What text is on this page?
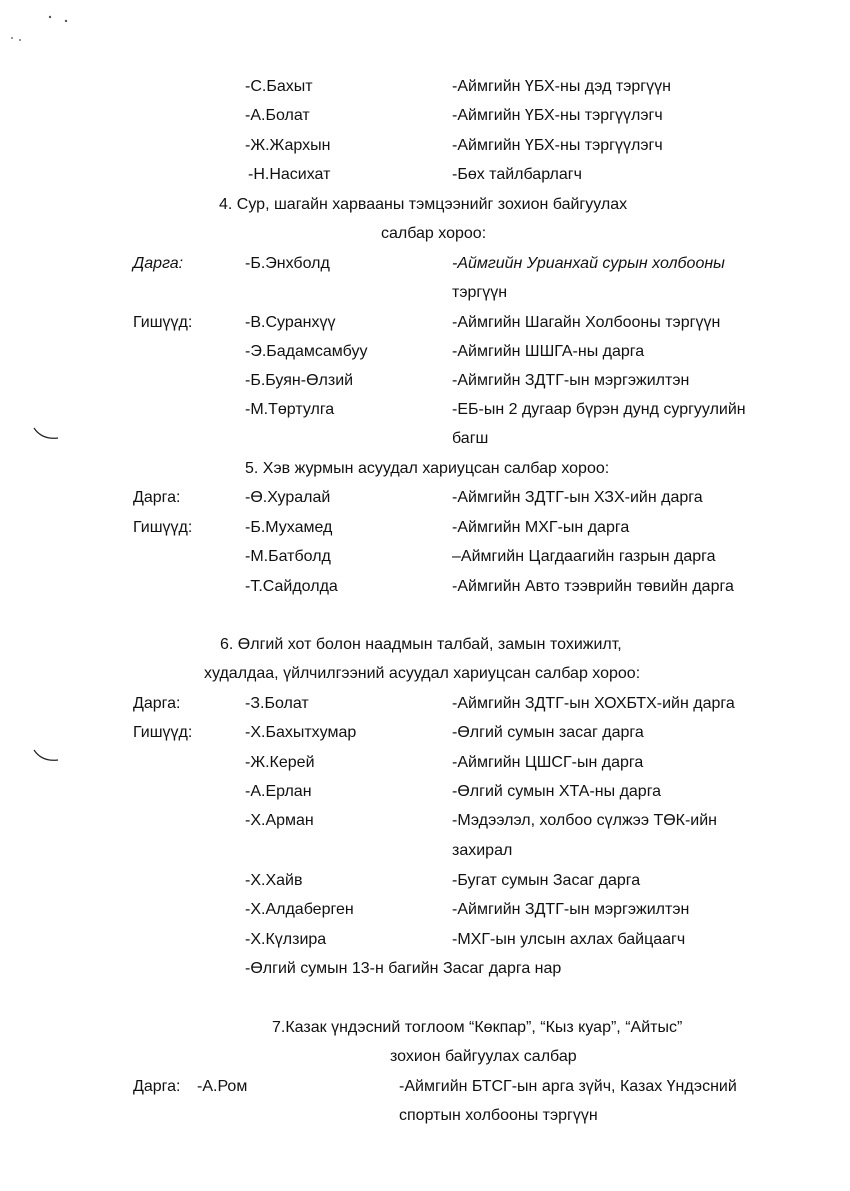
-С.Бахыт	-Аймгийн ҮБХ-ны дэд тэргүүн
-А.Болат	-Аймгийн ҮБХ-ны тэргүүлэгч
-Ж.Жархын	-Аймгийн ҮБХ-ны тэргүүлэгч
-Н.Насихат	-Бөх тайлбарлагч
4. Сур, шагайн харвааны тэмцээнийг зохион байгуулах
салбар хороо:
Дарга:	-Б.Энхболд	-Аймгийн Урианхай сурын холбооны
тэргүүн
Гишүүд:	-В.Суранхүү	-Аймгийн Шагайн Холбооны тэргүүн
-Э.Бадамсамбуу	-Аймгийн ШШГА-ны дарга
-Б.Буян-Өлзий	-Аймгийн ЗДТГ-ын мэргэжилтэн
-М.Төртулга	-ЕБ-ын 2 дугаар бүрэн дунд сургуулийн
багш
5. Хэв журмын асуудал хариуцсан салбар хороо:
Дарга:	-Ө.Хуралай	-Аймгийн ЗДТГ-ын ХЗХ-ийн дарга
Гишүүд:	-Б.Мухамед	-Аймгийн МХГ-ын дарга
-М.Батболд	–Аймгийн Цагдаагийн газрын дарга
-Т.Сайдолда	-Аймгийн Авто тээврийн төвийн дарга
6. Өлгий хот болон наадмын талбай, замын тохижилт,
худалдаа, үйлчилгээний асуудал хариуцсан салбар хороо:
Дарга:	-З.Болат	-Аймгийн ЗДТГ-ын ХОХБТХ-ийн дарга
Гишүүд:	-Х.Бахытхумар	-Өлгий сумын засаг дарга
-Ж.Керей	-Аймгийн ЦШСГ-ын дарга
-А.Ерлан	-Өлгий сумын ХТА-ны дарга
-Х.Арман	-Мэдээлэл, холбоо сүлжээ ТӨК-ийн
захирал
-Х.Хайв	-Бугат сумын Засаг дарга
-Х.Алдаберген	-Аймгийн ЗДТГ-ын мэргэжилтэн
-Х.Күлзира	-МХГ-ын улсын ахлах байцаагч
-Өлгий сумын 13-н багийн Засаг дарга нар
7.Казак үндэсний тоглоом “Көкпар”, “Кыз куар”, “Айтыс”
зохион байгуулах салбар
Дарга: -А.Ром	-Аймгийн БТСГ-ын арга зүйч, Казах Үндэсний
спортын холбооны тэргүүн
